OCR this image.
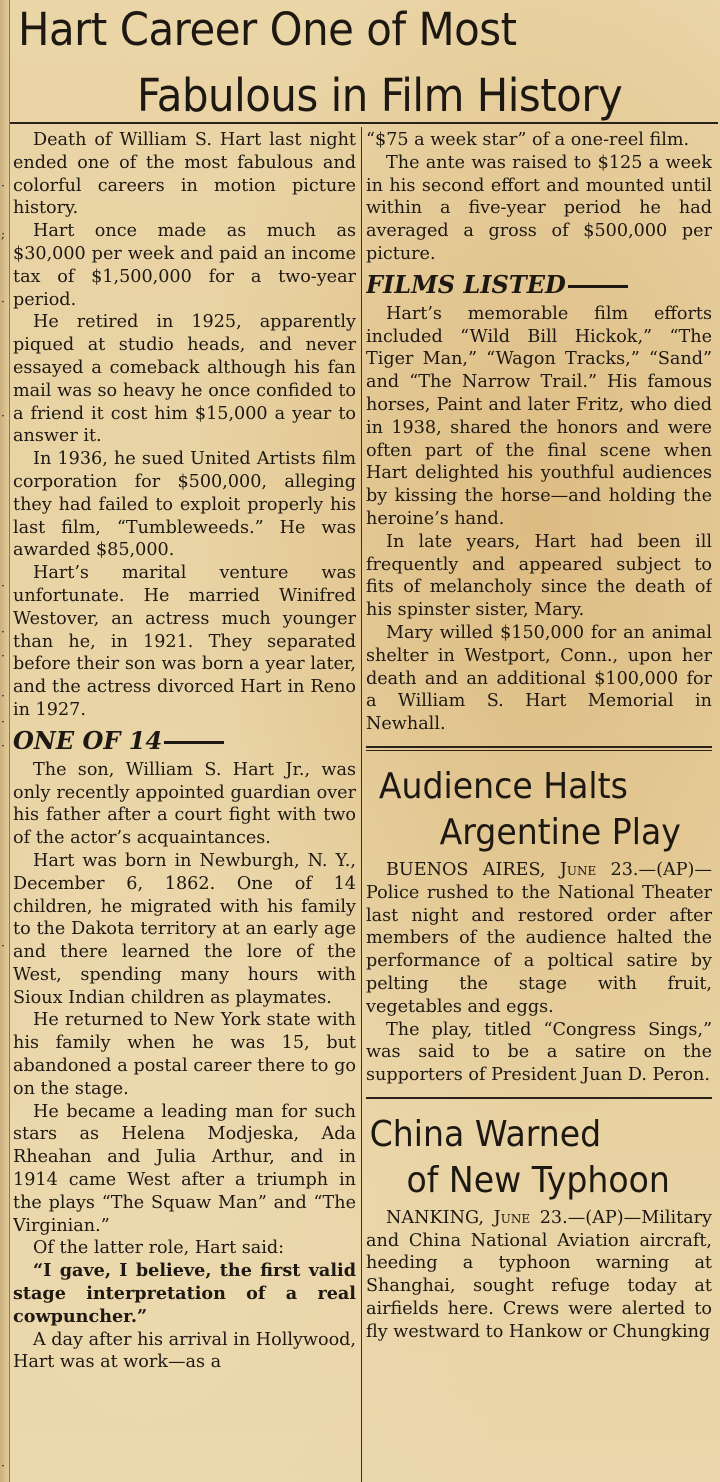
·
;
·
·
·
·
·
·
·
·
·
·
Hart Career One of Most
Fabulous in Film History

Death of William S. Hart last night ended one of the most fabulous and colorful careers in motion picture history.

Hart once made as much as $30,000 per week and paid an income tax of $1,500,000 for a two-year period.

He retired in 1925, apparently piqued at studio heads, and never essayed a comeback although his fan mail was so heavy he once confided to a friend it cost him $15,000 a year to answer it.

In 1936, he sued United Artists film corporation for $500,000, alleging they had failed to exploit properly his last film, “Tumbleweeds.” He was awarded $85,000.

Hart’s marital venture was unfortunate. He married Winifred Westover, an actress much younger than he, in 1921. They separated before their son was born a year later, and the actress divorced Hart in Reno in 1927.

ONE OF 14

The son, William S. Hart Jr., was only recently appointed guardian over his father after a court fight with two of the actor’s acquaintances.

Hart was born in Newburgh, N. Y., December 6, 1862. One of 14 children, he migrated with his family to the Dakota territory at an early age and there learned the lore of the West, spending many hours with Sioux Indian children as playmates.

He returned to New York state with his family when he was 15, but abandoned a postal career there to go on the stage.

He became a leading man for such stars as Helena Modjeska, Ada Rheahan and Julia Arthur, and in 1914 came West after a triumph in the plays “The Squaw Man” and “The Virginian.”

Of the latter role, Hart said:

“I gave, I believe, the first valid stage interpretation of a real cowpuncher.”

A day after his arrival in Hollywood, Hart was at work—as a

“$75 a week star” of a one-reel film.

The ante was raised to $125 a week in his second effort and mounted until within a five-year period he had averaged a gross of $500,000 per picture.

FILMS LISTED

Hart’s memorable film efforts included “Wild Bill Hickok,” “The Tiger Man,” “Wagon Tracks,” “Sand” and “The Narrow Trail.” His famous horses, Paint and later Fritz, who died in 1938, shared the honors and were often part of the final scene when Hart delighted his youthful audiences by kissing the horse—and holding the heroine’s hand.

In late years, Hart had been ill frequently and appeared subject to fits of melancholy since the death of his spinster sister, Mary.

Mary willed $150,000 for an animal shelter in Westport, Conn., upon her death and an additional $100,000 for a William S. Hart Memorial in Newhall.

Audience Halts
Argentine Play

BUENOS AIRES, June 23.—(AP)—Police rushed to the National Theater last night and restored order after members of the audience halted the performance of a poltical satire by pelting the stage with fruit, vegetables and eggs.

The play, titled “Congress Sings,” was said to be a satire on the supporters of President Juan D. Peron.

China Warned
of New Typhoon

NANKING, June 23.—(AP)—Military and China National Aviation aircraft, heeding a typhoon warning at Shanghai, sought refuge today at airfields here. Crews were alerted to fly westward to Hankow or Chungking
